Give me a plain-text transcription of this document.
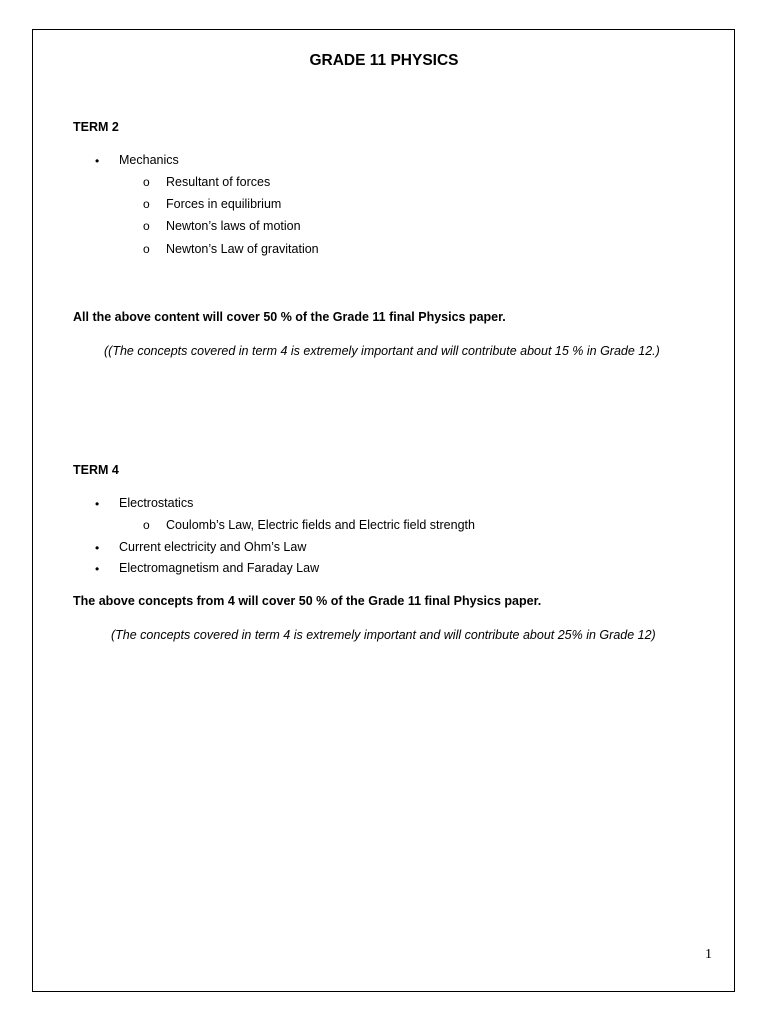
GRADE 11 PHYSICS
TERM 2
• Mechanics
o Resultant of forces
o Forces in equilibrium
o Newton’s laws of motion
o Newton’s Law of gravitation
All the above content will cover 50 % of the Grade 11 final Physics paper.
((The concepts covered in term 4 is extremely important and will contribute about 15 % in Grade 12.)
TERM 4
• Electrostatics
o Coulomb’s Law, Electric fields and Electric field strength
• Current electricity and Ohm’s Law
• Electromagnetism and Faraday Law
The above concepts from 4 will cover 50 % of the Grade 11 final Physics paper.
(The concepts covered in term 4 is extremely important and will contribute about 25% in Grade 12)
1
